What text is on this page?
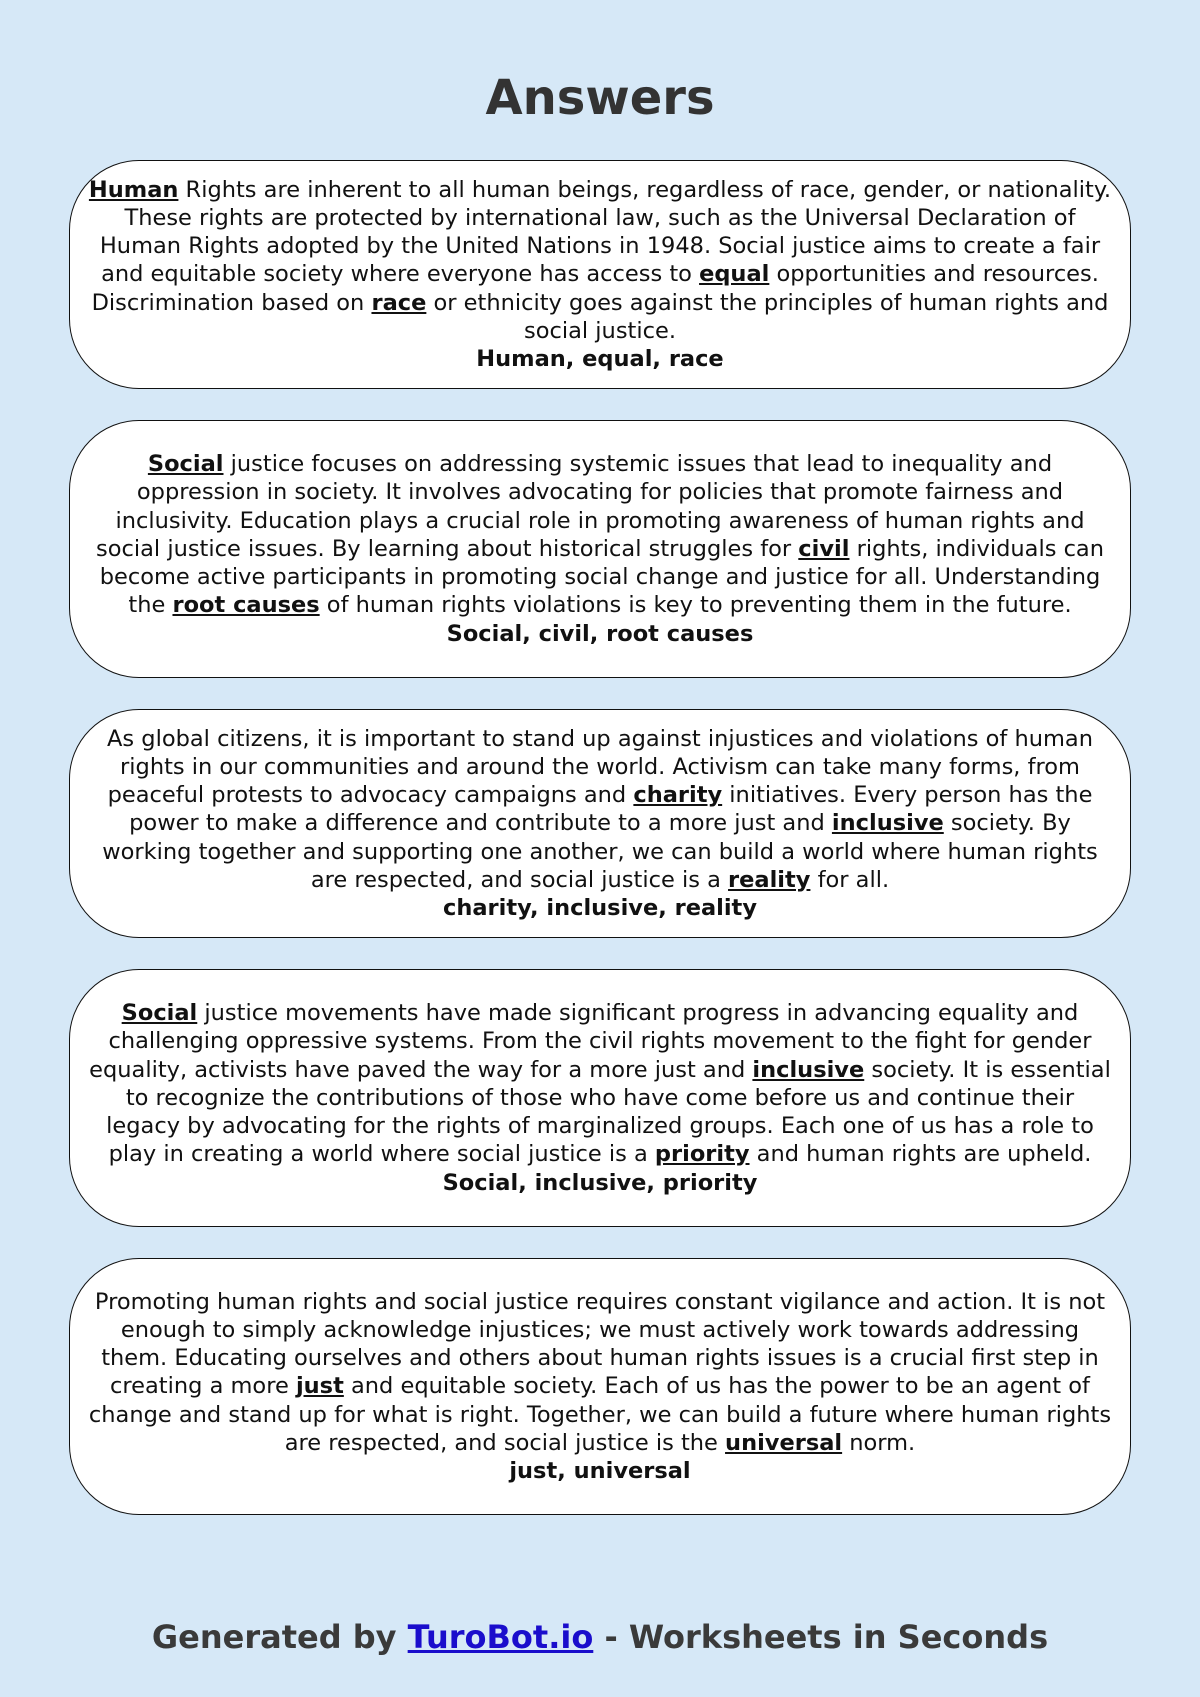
Answers

Human Rights are inherent to all human beings, regardless of race, gender, or nationality. These rights are protected by international law, such as the Universal Declaration of Human Rights adopted by the United Nations in 1948. Social justice aims to create a fair and equitable society where everyone has access to equal opportunities and resources. Discrimination based on race or ethnicity goes against the principles of human rights and social justice.

Human, equal, race

Social justice focuses on addressing systemic issues that lead to inequality and oppression in society. It involves advocating for policies that promote fairness and inclusivity. Education plays a crucial role in promoting awareness of human rights and social justice issues. By learning about historical struggles for civil rights, individuals can become active participants in promoting social change and justice for all. Understanding the root causes of human rights violations is key to preventing them in the future.

Social, civil, root causes

As global citizens, it is important to stand up against injustices and violations of human rights in our communities and around the world. Activism can take many forms, from peaceful protests to advocacy campaigns and charity initiatives. Every person has the power to make a difference and contribute to a more just and inclusive society. By working together and supporting one another, we can build a world where human rights are respected, and social justice is a reality for all.

charity, inclusive, reality

Social justice movements have made significant progress in advancing equality and challenging oppressive systems. From the civil rights movement to the fight for gender equality, activists have paved the way for a more just and inclusive society. It is essential to recognize the contributions of those who have come before us and continue their legacy by advocating for the rights of marginalized groups. Each one of us has a role to play in creating a world where social justice is a priority and human rights are upheld.

Social, inclusive, priority

Promoting human rights and social justice requires constant vigilance and action. It is not enough to simply acknowledge injustices; we must actively work towards addressing them. Educating ourselves and others about human rights issues is a crucial first step in creating a more just and equitable society. Each of us has the power to be an agent of change and stand up for what is right. Together, we can build a future where human rights are respected, and social justice is the universal norm.

just, universal

Generated by TuroBot.io - Worksheets in Seconds
